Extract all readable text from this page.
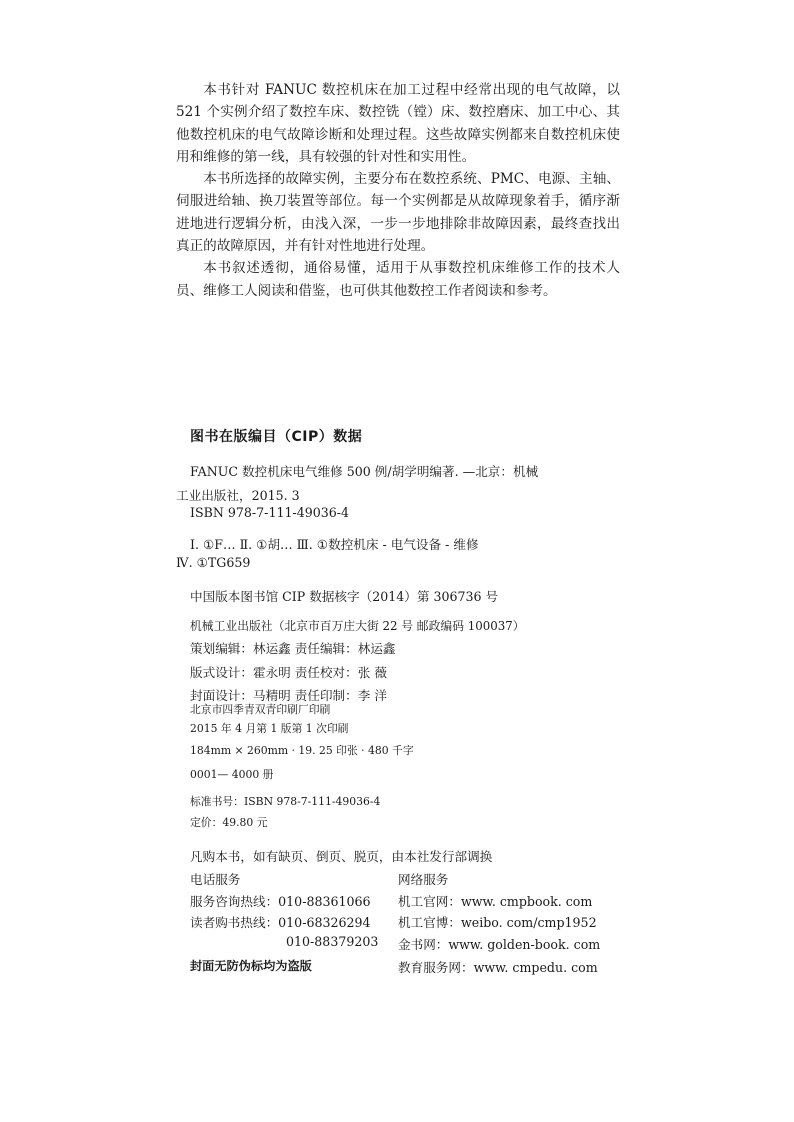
本书针对 FANUC 数控机床在加工过程中经常出现的电气故障，以521 个实例介绍了数控车床、数控铣（镗）床、数控磨床、加工中心、其他数控机床的电气故障诊断和处理过程。这些故障实例都来自数控机床使用和维修的第一线，具有较强的针对性和实用性。

本书所选择的故障实例，主要分布在数控系统、PMC、电源、主轴、伺服进给轴、换刀装置等部位。每一个实例都是从故障现象着手，循序渐进地进行逻辑分析，由浅入深，一步一步地排除非故障因素，最终查找出真正的故障原因，并有针对性地进行处理。

本书叙述透彻，通俗易懂，适用于从事数控机床维修工作的技术人员、维修工人阅读和借鉴，也可供其他数控工作者阅读和参考。

图书在版编目（CIP）数据
FANUC 数控机床电气维修 500 例/胡学明编著. —北京：机械
工业出版社，2015. 3
ISBN 978-7-111-49036-4
Ⅰ. ①F… Ⅱ. ①胡… Ⅲ. ①数控机床 - 电气设备 - 维修
Ⅳ. ①TG659
中国版本图书馆 CIP 数据核字（2014）第 306736 号
机械工业出版社（北京市百万庄大街 22 号 邮政编码 100037）
策划编辑：林运鑫 责任编辑：林运鑫
版式设计：霍永明 责任校对：张 薇
封面设计：马精明 责任印制：李 洋
北京市四季青双青印刷厂印刷
2015 年 4 月第 1 版第 1 次印刷
184mm × 260mm · 19. 25 印张 · 480 千字
0001— 4000 册
标准书号：ISBN 978-7-111-49036-4
定价：49.80 元
凡购本书，如有缺页、倒页、脱页，由本社发行部调换
电话服务	网络服务
服务咨询热线：010-88361066 机工官网：www. cmpbook. com
读者购书热线：010-68326294 机工官博：weibo. com/cmp1952
010-88379203 金书网：www. golden-book. com
封面无防伪标均为盗版	教育服务网：www. cmpedu. com
